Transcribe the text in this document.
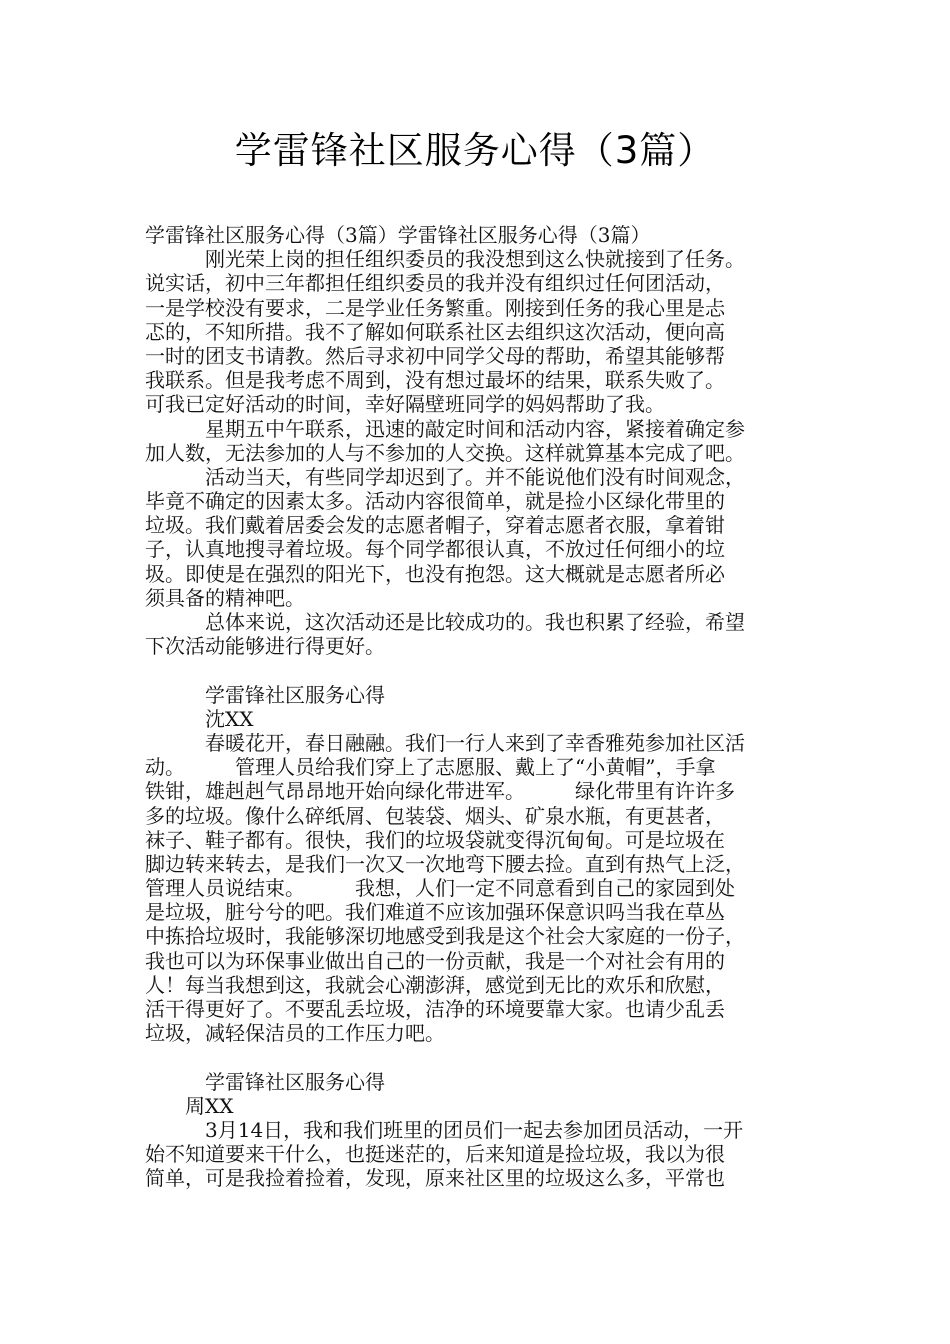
学雷锋社区服务心得（3篇）
学雷锋社区服务心得（3篇）学雷锋社区服务心得（3篇）
　　　刚光荣上岗的担任组织委员的我没想到这么快就接到了任务。
说实话，初中三年都担任组织委员的我并没有组织过任何团活动，
一是学校没有要求，二是学业任务繁重。刚接到任务的我心里是忐
忑的，不知所措。我不了解如何联系社区去组织这次活动，便向高
一时的团支书请教。然后寻求初中同学父母的帮助，希望其能够帮
我联系。但是我考虑不周到，没有想过最坏的结果，联系失败了。
可我已定好活动的时间，幸好隔壁班同学的妈妈帮助了我。
　　　星期五中午联系，迅速的敲定时间和活动内容，紧接着确定参
加人数，无法参加的人与不参加的人交换。这样就算基本完成了吧。
　　　活动当天，有些同学却迟到了。并不能说他们没有时间观念，
毕竟不确定的因素太多。活动内容很简单，就是捡小区绿化带里的
垃圾。我们戴着居委会发的志愿者帽子，穿着志愿者衣服，拿着钳
子，认真地搜寻着垃圾。每个同学都很认真，不放过任何细小的垃
圾。即使是在强烈的阳光下，也没有抱怨。这大概就是志愿者所必
须具备的精神吧。
　　　总体来说，这次活动还是比较成功的。我也积累了经验，希望
下次活动能够进行得更好。
　　　学雷锋社区服务心得
　　　沈XX
　　　春暖花开，春日融融。我们一行人来到了幸香雅苑参加社区活
动。　　　管理人员给我们穿上了志愿服、戴上了“小黄帽”，手拿
铁钳，雄赳赳气昂昂地开始向绿化带进军。　　　绿化带里有许许多
多的垃圾。像什么碎纸屑、包装袋、烟头、矿泉水瓶，有更甚者，
袜子、鞋子都有。很快，我们的垃圾袋就变得沉甸甸。可是垃圾在
脚边转来转去，是我们一次又一次地弯下腰去捡。直到有热气上泛，
管理人员说结束。　　　我想，人们一定不同意看到自己的家园到处
是垃圾，脏兮兮的吧。我们难道不应该加强环保意识吗当我在草丛
中拣拾垃圾时，我能够深切地感受到我是这个社会大家庭的一份子，
我也可以为环保事业做出自己的一份贡献，我是一个对社会有用的
人！每当我想到这，我就会心潮澎湃，感觉到无比的欢乐和欣慰，
活干得更好了。不要乱丢垃圾，洁净的环境要靠大家。也请少乱丢
垃圾，减轻保洁员的工作压力吧。
　　　学雷锋社区服务心得
　　周XX
　　　3月14日，我和我们班里的团员们一起去参加团员活动，一开
始不知道要来干什么，也挺迷茫的，后来知道是捡垃圾，我以为很
简单，可是我捡着捡着，发现，原来社区里的垃圾这么多，平常也
